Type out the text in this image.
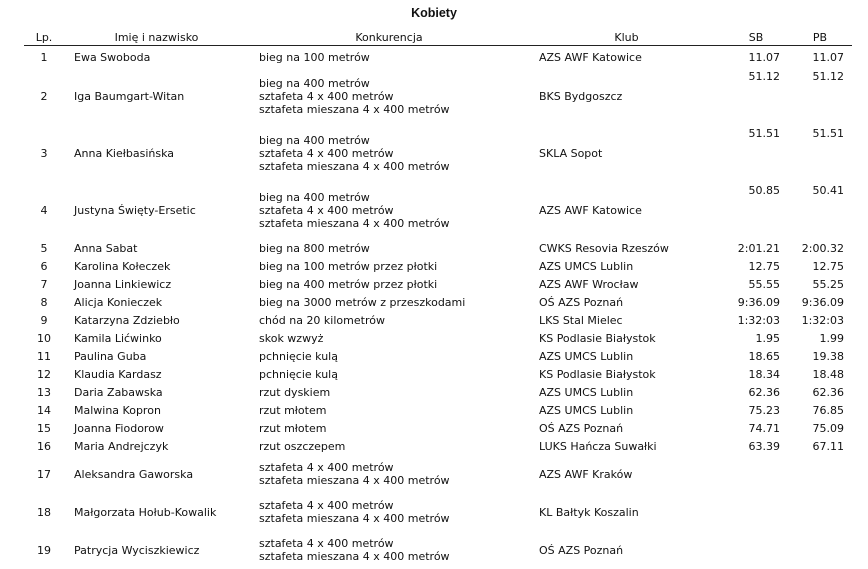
Kobiety
Lp.	Imię i nazwisko	Konkurencja	Klub	SB	PB
1	Ewa Swoboda	bieg na 100 metrów	AZS AWF Katowice	11.07	11.07
2	Iga Baumgart-Witan	bieg na 400 metrów
sztafeta 4 x 400 metrów
sztafeta mieszana 4 x 400 metrów	BKS Bydgoszcz	51.12	51.12
3	Anna Kiełbasińska	bieg na 400 metrów
sztafeta 4 x 400 metrów
sztafeta mieszana 4 x 400 metrów	SKLA Sopot	51.51	51.51
4	Justyna Święty-Ersetic	bieg na 400 metrów
sztafeta 4 x 400 metrów
sztafeta mieszana 4 x 400 metrów	AZS AWF Katowice	50.85	50.41
5	Anna Sabat	bieg na 800 metrów	CWKS Resovia Rzeszów	2:01.21	2:00.32
6	Karolina Kołeczek	bieg na 100 metrów przez płotki	AZS UMCS Lublin	12.75	12.75
7	Joanna Linkiewicz	bieg na 400 metrów przez płotki	AZS AWF Wrocław	55.55	55.25
8	Alicja Konieczek	bieg na 3000 metrów z przeszkodami	OŚ AZS Poznań	9:36.09	9:36.09
9	Katarzyna Zdziebło	chód na 20 kilometrów	LKS Stal Mielec	1:32:03	1:32:03
10	Kamila Lićwinko	skok wzwyż	KS Podlasie Białystok	1.95	1.99
11	Paulina Guba	pchnięcie kulą	AZS UMCS Lublin	18.65	19.38
12	Klaudia Kardasz	pchnięcie kulą	KS Podlasie Białystok	18.34	18.48
13	Daria Zabawska	rzut dyskiem	AZS UMCS Lublin	62.36	62.36
14	Malwina Kopron	rzut młotem	AZS UMCS Lublin	75.23	76.85
15	Joanna Fiodorow	rzut młotem	OŚ AZS Poznań	74.71	75.09
16	Maria Andrejczyk	rzut oszczepem	LUKS Hańcza Suwałki	63.39	67.11
17	Aleksandra Gaworska	sztafeta 4 x 400 metrów
sztafeta mieszana 4 x 400 metrów	AZS AWF Kraków		
18	Małgorzata Hołub-Kowalik	sztafeta 4 x 400 metrów
sztafeta mieszana 4 x 400 metrów	KL Bałtyk Koszalin		
19	Patrycja Wyciszkiewicz	sztafeta 4 x 400 metrów
sztafeta mieszana 4 x 400 metrów	OŚ AZS Poznań		
